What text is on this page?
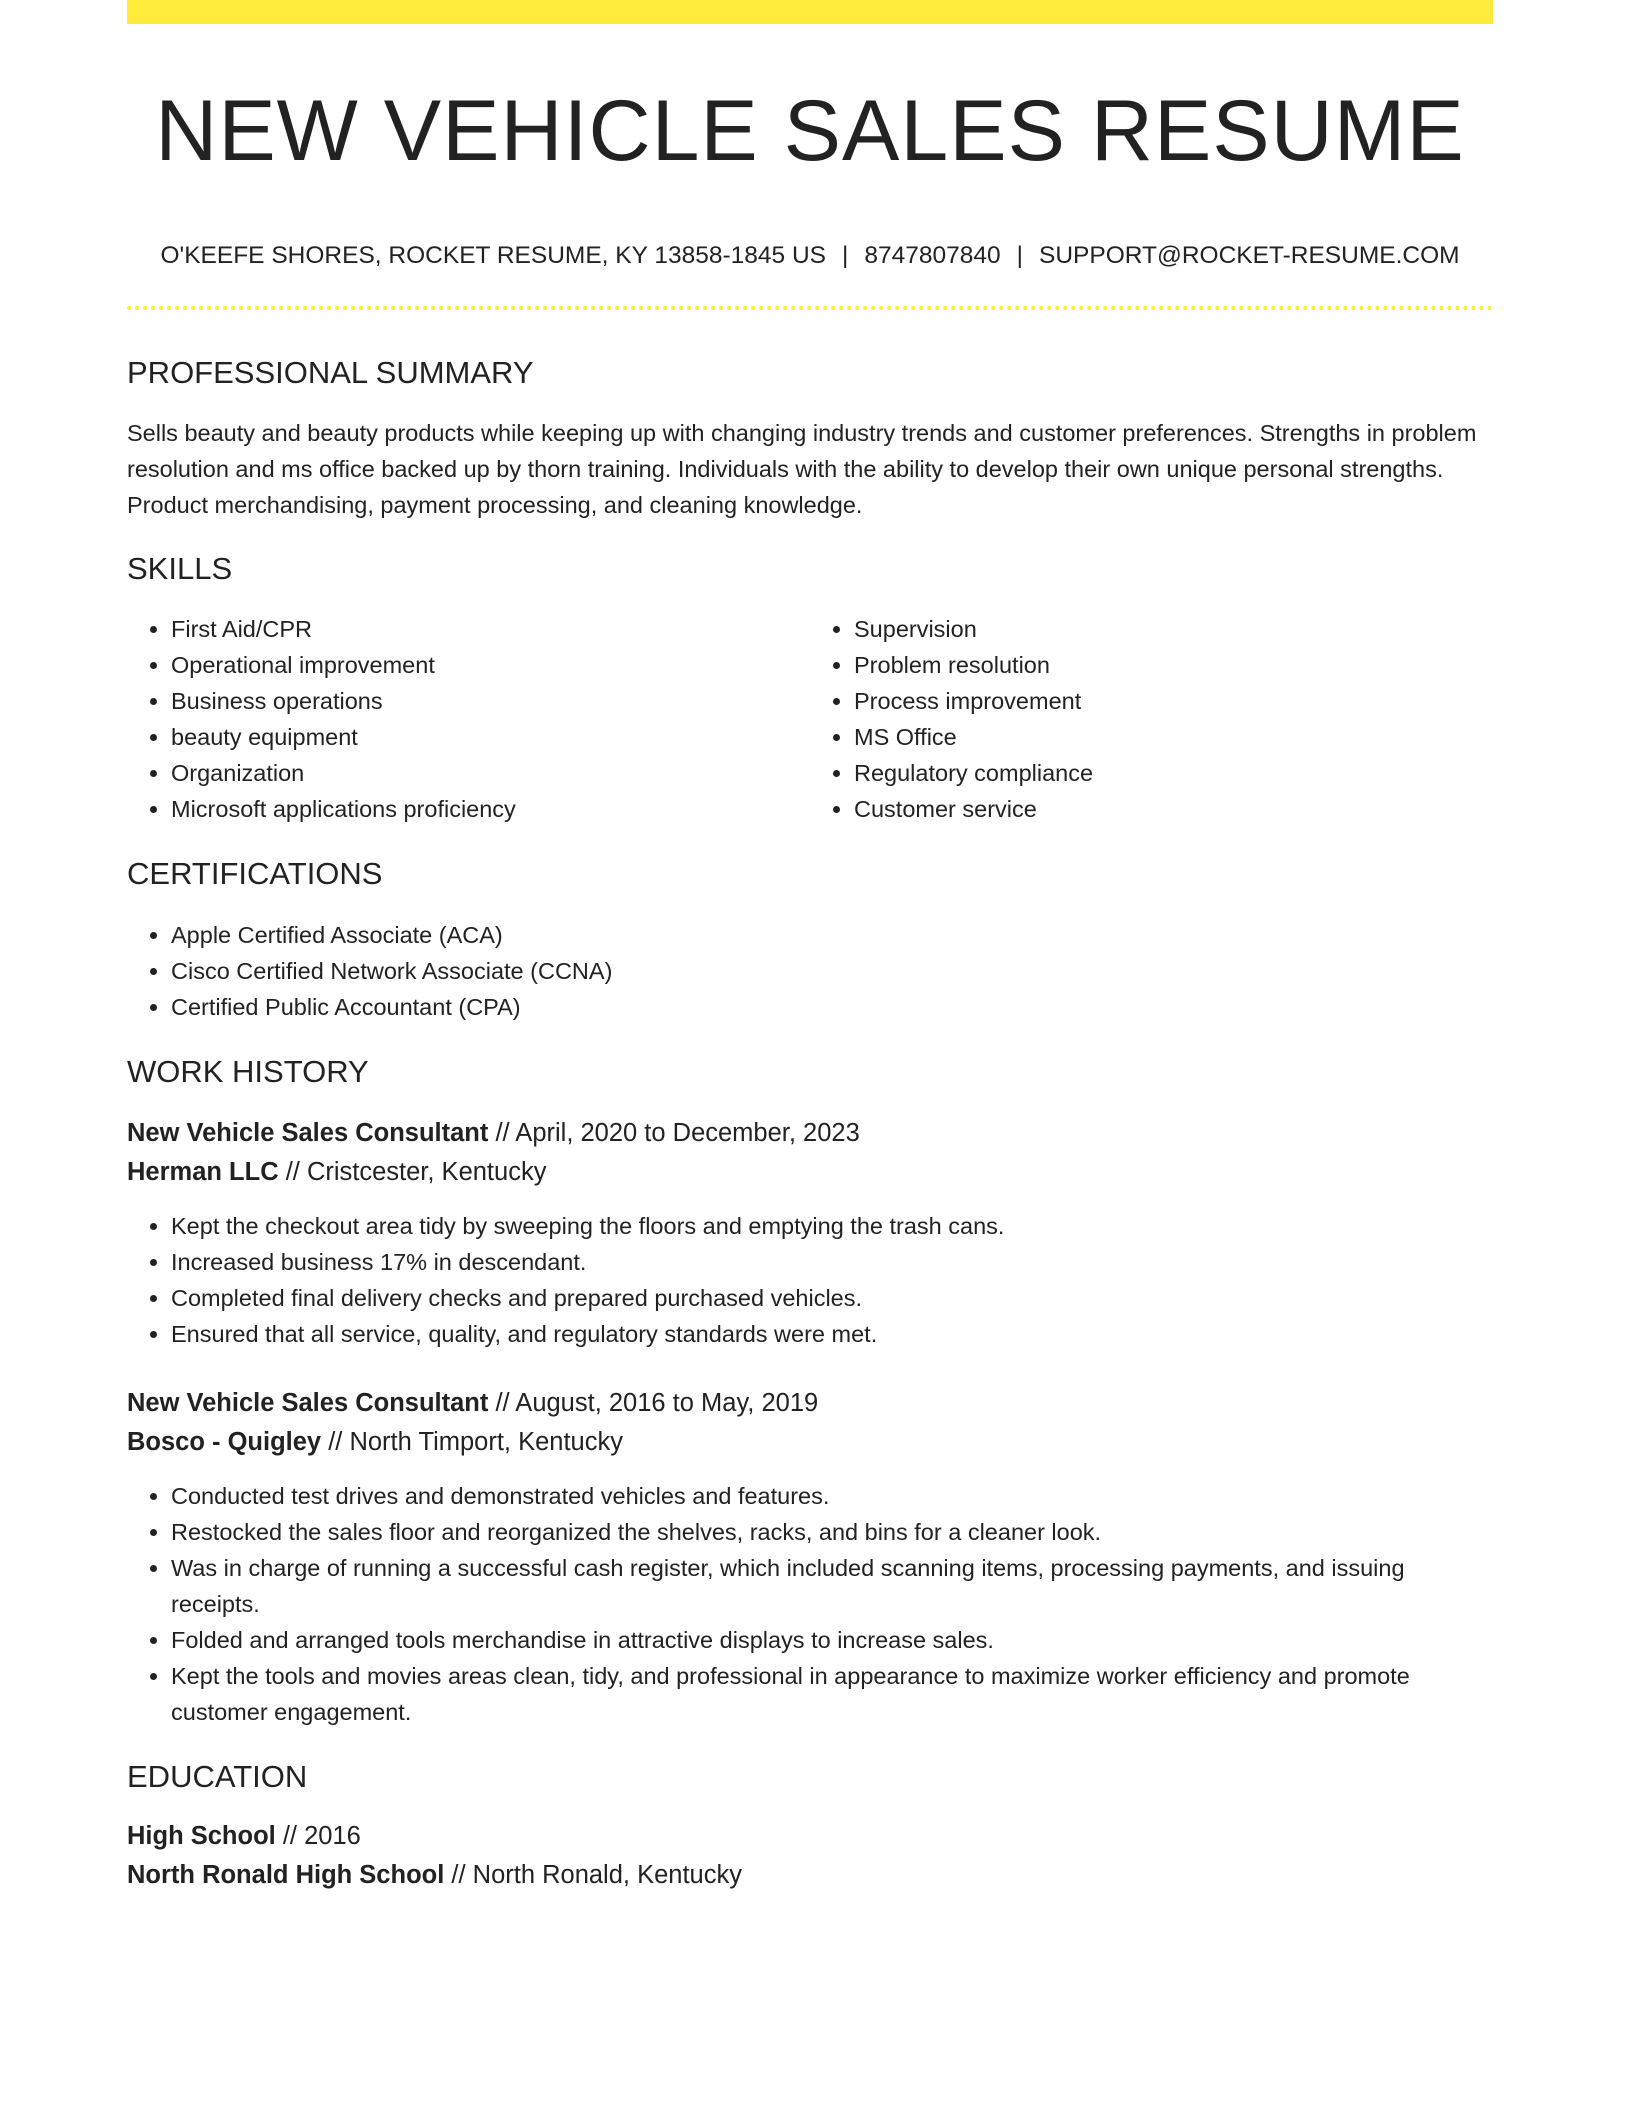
NEW VEHICLE SALES RESUME
O'KEEFE SHORES, ROCKET RESUME, KY 13858-1845 US | 8747807840 | SUPPORT@ROCKET-RESUME.COM
PROFESSIONAL SUMMARY

Sells beauty and beauty products while keeping up with changing industry trends and customer preferences. Strengths in problem resolution and ms office backed up by thorn training. Individuals with the ability to develop their own unique personal strengths. Product merchandising, payment processing, and cleaning knowledge.

SKILLS
• First Aid/CPR
• Operational improvement
• Business operations
• beauty equipment
• Organization
• Microsoft applications proficiency
• Supervision
• Problem resolution
• Process improvement
• MS Office
• Regulatory compliance
• Customer service
CERTIFICATIONS
• Apple Certified Associate (ACA)
• Cisco Certified Network Associate (CCNA)
• Certified Public Accountant (CPA)
WORK HISTORY
New Vehicle Sales Consultant // April, 2020 to December, 2023
Herman LLC // Cristcester, Kentucky
• Kept the checkout area tidy by sweeping the floors and emptying the trash cans.
• Increased business 17% in descendant.
• Completed final delivery checks and prepared purchased vehicles.
• Ensured that all service, quality, and regulatory standards were met.
New Vehicle Sales Consultant // August, 2016 to May, 2019
Bosco - Quigley // North Timport, Kentucky
• Conducted test drives and demonstrated vehicles and features.
• Restocked the sales floor and reorganized the shelves, racks, and bins for a cleaner look.
• Was in charge of running a successful cash register, which included scanning items, processing payments, and issuing receipts.
• Folded and arranged tools merchandise in attractive displays to increase sales.
• Kept the tools and movies areas clean, tidy, and professional in appearance to maximize worker efficiency and promote customer engagement.
EDUCATION
High School // 2016
North Ronald High School // North Ronald, Kentucky
